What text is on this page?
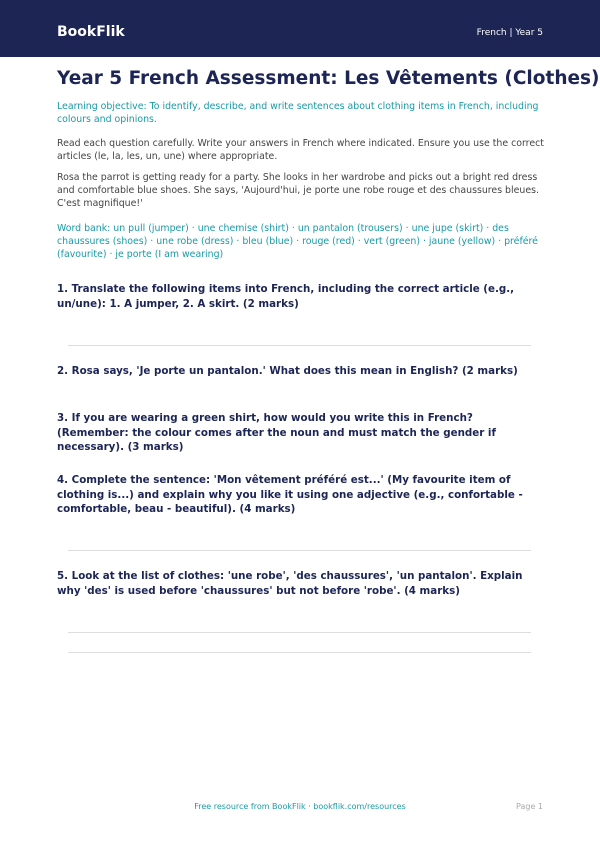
BookFlik	French | Year 5
Year 5 French Assessment: Les Vêtements (Clothes)

Learning objective: To identify, describe, and write sentences about clothing items in French, including colours and opinions.

Read each question carefully. Write your answers in French where indicated. Ensure you use the correct articles (le, la, les, un, une) where appropriate.

Rosa the parrot is getting ready for a party. She looks in her wardrobe and picks out a bright red dress and comfortable blue shoes. She says, 'Aujourd'hui, je porte une robe rouge et des chaussures bleues. C'est magnifique!'

Word bank: un pull (jumper) · une chemise (shirt) · un pantalon (trousers) · une jupe (skirt) · des chaussures (shoes) · une robe (dress) · bleu (blue) · rouge (red) · vert (green) · jaune (yellow) · préféré (favourite) · je porte (I am wearing)

1. Translate the following items into French, including the correct article (e.g., un/une): 1. A jumper, 2. A skirt. (2 marks)

2. Rosa says, 'Je porte un pantalon.' What does this mean in English? (2 marks)

3. If you are wearing a green shirt, how would you write this in French? (Remember: the colour comes after the noun and must match the gender if necessary). (3 marks)

4. Complete the sentence: 'Mon vêtement préféré est...' (My favourite item of clothing is...) and explain why you like it using one adjective (e.g., confortable - comfortable, beau - beautiful). (4 marks)

5. Look at the list of clothes: 'une robe', 'des chaussures', 'un pantalon'. Explain why 'des' is used before 'chaussures' but not before 'robe'. (4 marks)

Free resource from BookFlik · bookflik.com/resources	Page 1
